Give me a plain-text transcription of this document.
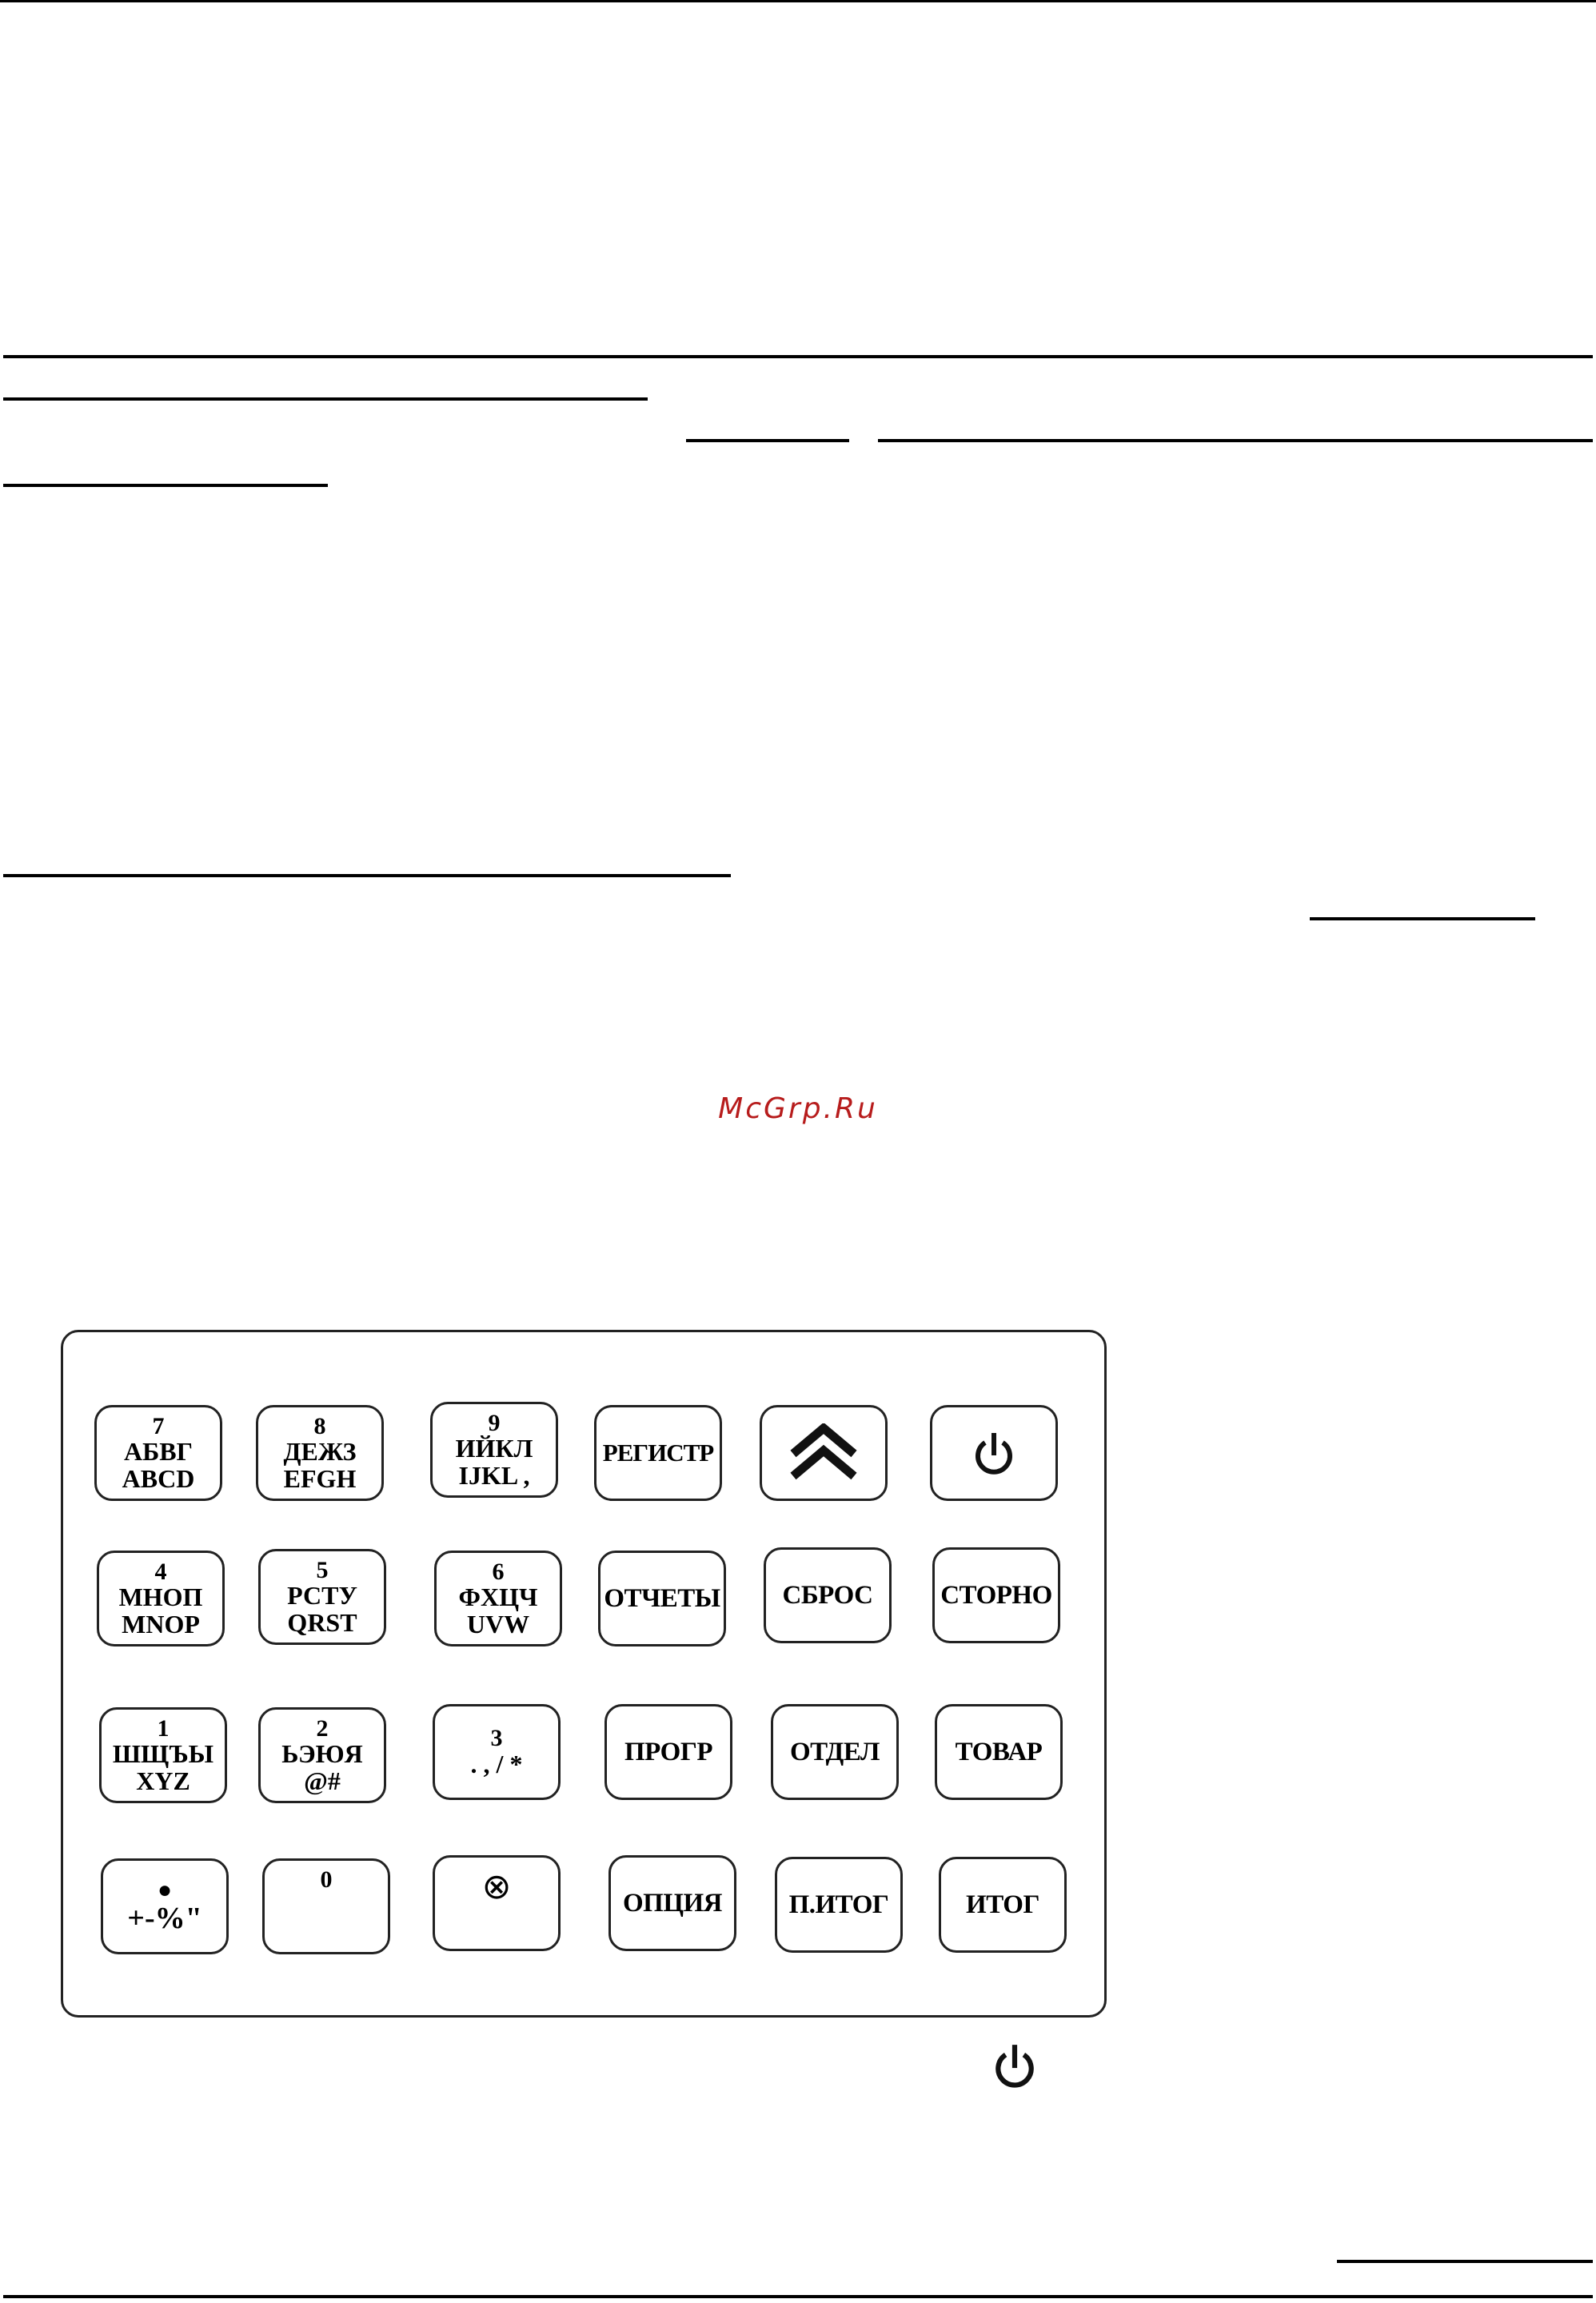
McGrp.Ru
7
АБВГ
ABCD
8
ДЕЖЗ
EFGH
9
ИЙКЛ
IJKL ,
РЕГИСТР
4
МНОП
MNOP
5
РСТУ
QRST
6
ФХЦЧ
UVW
ОТЧЕТЫ СБРОС	СТОРНО
1
ШЩЪЫ
XYZ
2
ЬЭЮЯ
@#
3
. , / *	ПРОГР	ОТДЕЛ	ТОВАР
●
+-%"
0	⊗	ОПЦИЯ	П.ИТОГ	ИТОГ
